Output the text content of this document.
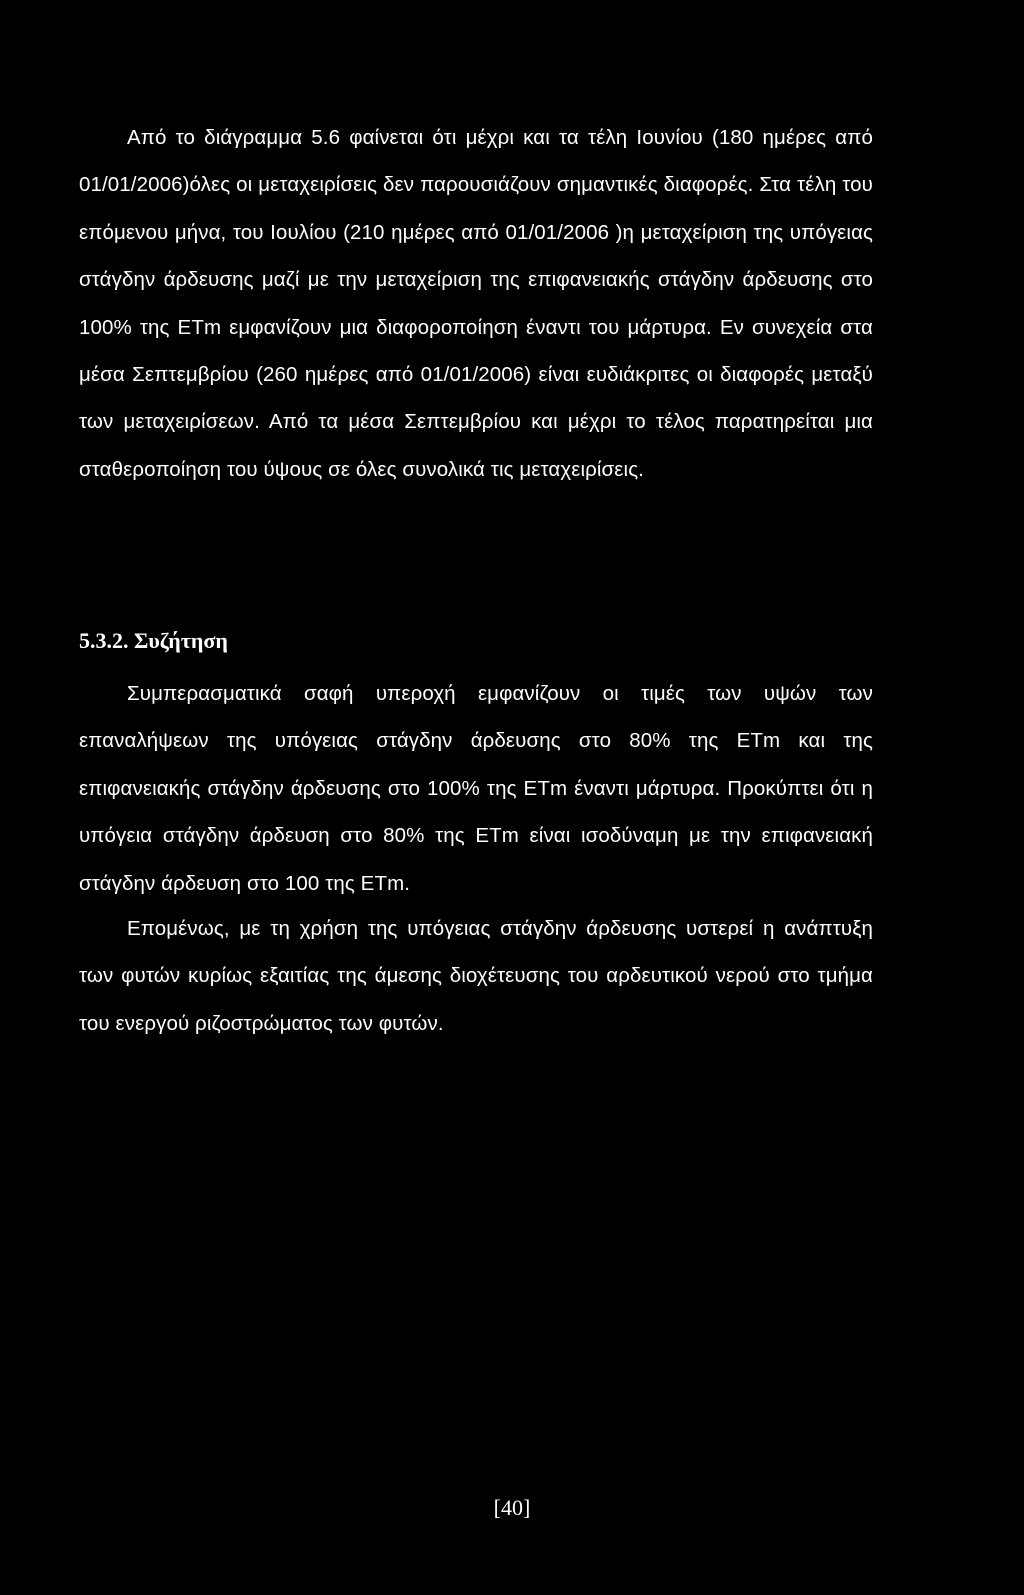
Από το διάγραμμα 5.6 φαίνεται ότι μέχρι και τα τέλη Ιουνίου (180 ημέρες από 01/01/2006)όλες οι μεταχειρίσεις δεν παρουσιάζουν σημαντικές διαφορές. Στα τέλη του επόμενου μήνα, του Ιουλίου (210 ημέρες από 01/01/2006 )η μεταχείριση της υπόγειας στάγδην άρδευσης μαζί με την μεταχείριση της επιφανειακής στάγδην άρδευσης στο 100% της ETm εμφανίζουν μια διαφοροποίηση έναντι του μάρτυρα. Εν συνεχεία στα μέσα Σεπτεμβρίου (260 ημέρες από 01/01/2006) είναι ευδιάκριτες οι διαφορές μεταξύ των μεταχειρίσεων. Από τα μέσα Σεπτεμβρίου και μέχρι το τέλος παρατηρείται μια σταθεροποίηση του ύψους σε όλες συνολικά τις μεταχειρίσεις.

5.3.2. Συζήτηση

Συμπερασματικά σαφή υπεροχή εμφανίζουν οι τιμές των υψών των επαναλήψεων της υπόγειας στάγδην άρδευσης στο 80% της ETm και της επιφανειακής στάγδην άρδευσης στο 100% της ETm έναντι μάρτυρα. Προκύπτει ότι η υπόγεια στάγδην άρδευση στο 80% της ETm είναι ισοδύναμη με την επιφανειακή στάγδην άρδευση στο 100 της ETm.

Επομένως, με τη χρήση της υπόγειας στάγδην άρδευσης υστερεί η ανάπτυξη των φυτών κυρίως εξαιτίας της άμεσης διοχέτευσης του αρδευτικού νερού στο τμήμα του ενεργού ριζοστρώματος των φυτών.

[40]
